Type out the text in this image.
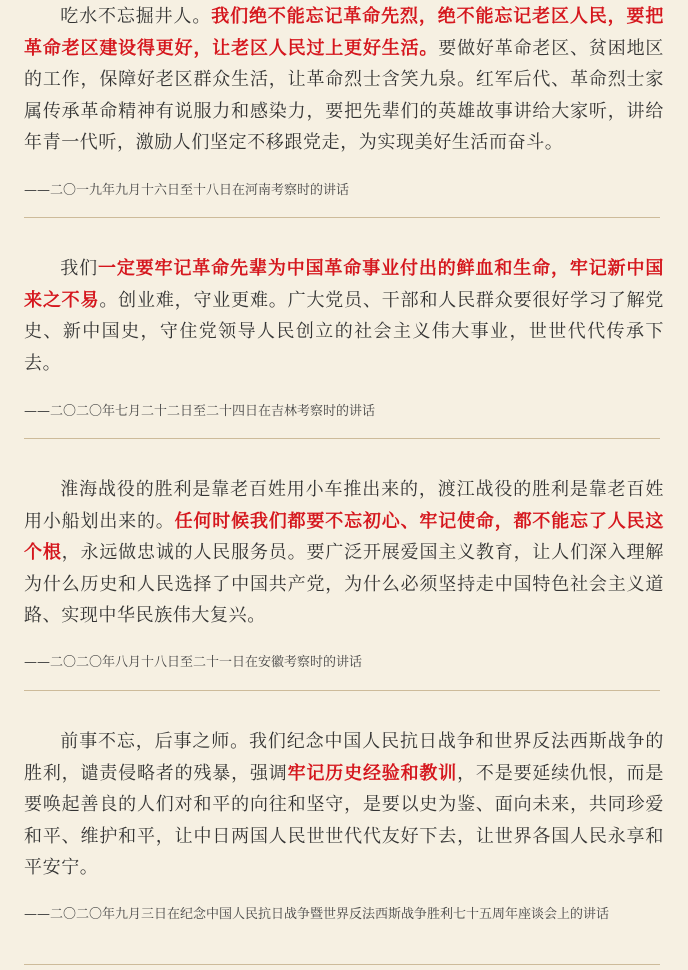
吃水不忘掘井人。我们绝不能忘记革命先烈，绝不能忘记老区人民，要把革命老区建设得更好，让老区人民过上更好生活。要做好革命老区、贫困地区的工作，保障好老区群众生活，让革命烈士含笑九泉。红军后代、革命烈士家属传承革命精神有说服力和感染力，要把先辈们的英雄故事讲给大家听，讲给年青一代听，激励人们坚定不移跟党走，为实现美好生活而奋斗。

——二〇一九年九月十六日至十八日在河南考察时的讲话

我们一定要牢记革命先辈为中国革命事业付出的鲜血和生命，牢记新中国来之不易。创业难，守业更难。广大党员、干部和人民群众要很好学习了解党史、新中国史，守住党领导人民创立的社会主义伟大事业，世世代代传承下去。

——二〇二〇年七月二十二日至二十四日在吉林考察时的讲话

淮海战役的胜利是靠老百姓用小车推出来的，渡江战役的胜利是靠老百姓用小船划出来的。任何时候我们都要不忘初心、牢记使命，都不能忘了人民这个根，永远做忠诚的人民服务员。要广泛开展爱国主义教育，让人们深入理解为什么历史和人民选择了中国共产党，为什么必须坚持走中国特色社会主义道路、实现中华民族伟大复兴。

——二〇二〇年八月十八日至二十一日在安徽考察时的讲话

前事不忘，后事之师。我们纪念中国人民抗日战争和世界反法西斯战争的胜利，谴责侵略者的残暴，强调牢记历史经验和教训，不是要延续仇恨，而是要唤起善良的人们对和平的向往和坚守，是要以史为鉴、面向未来，共同珍爱和平、维护和平，让中日两国人民世世代代友好下去，让世界各国人民永享和平安宁。

——二〇二〇年九月三日在纪念中国人民抗日战争暨世界反法西斯战争胜利七十五周年座谈会上的讲话
